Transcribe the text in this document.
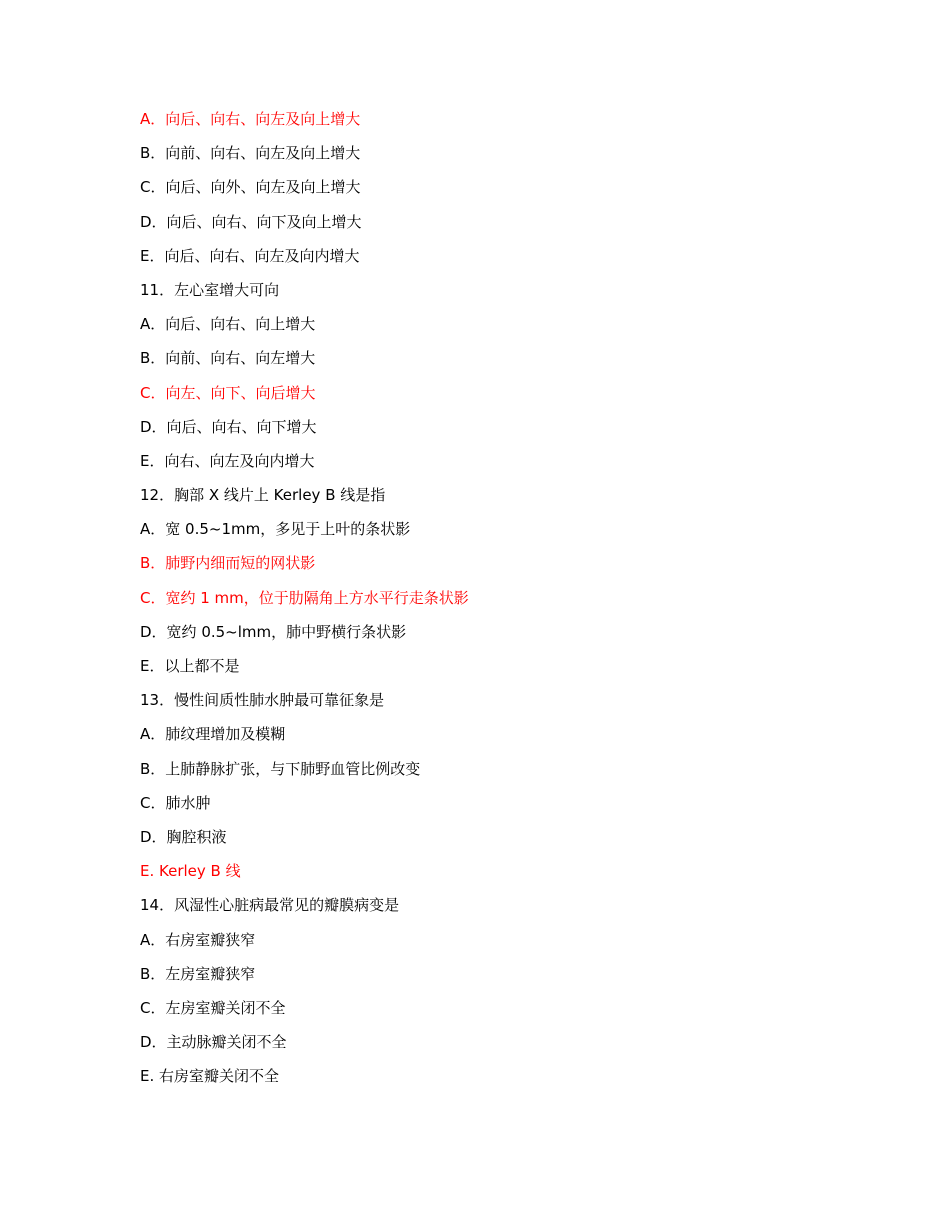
A．向后、向右、向左及向上增大
B．向前、向右、向左及向上增大
C．向后、向外、向左及向上增大
D．向后、向右、向下及向上增大
E．向后、向右、向左及向内增大
11．左心室增大可向
A．向后、向右、向上增大
B．向前、向右、向左增大
C．向左、向下、向后增大
D．向后、向右、向下增大
E．向右、向左及向内增大
12．胸部 X 线片上 Kerley B 线是指
A．宽 0.5~1mm，多见于上叶的条状影
B．肺野内细而短的网状影
C．宽约 1 mm，位于肋隔角上方水平行走条状影
D．宽约 0.5~lmm，肺中野横行条状影
E．以上都不是
13．慢性间质性肺水肿最可靠征象是
A．肺纹理增加及模糊
B．上肺静脉扩张，与下肺野血管比例改变
C．肺水肿
D．胸腔积液
E. Kerley B 线
14．风湿性心脏病最常见的瓣膜病变是
A．右房室瓣狭窄
B．左房室瓣狭窄
C．左房室瓣关闭不全
D．主动脉瓣关闭不全
E. 右房室瓣关闭不全
